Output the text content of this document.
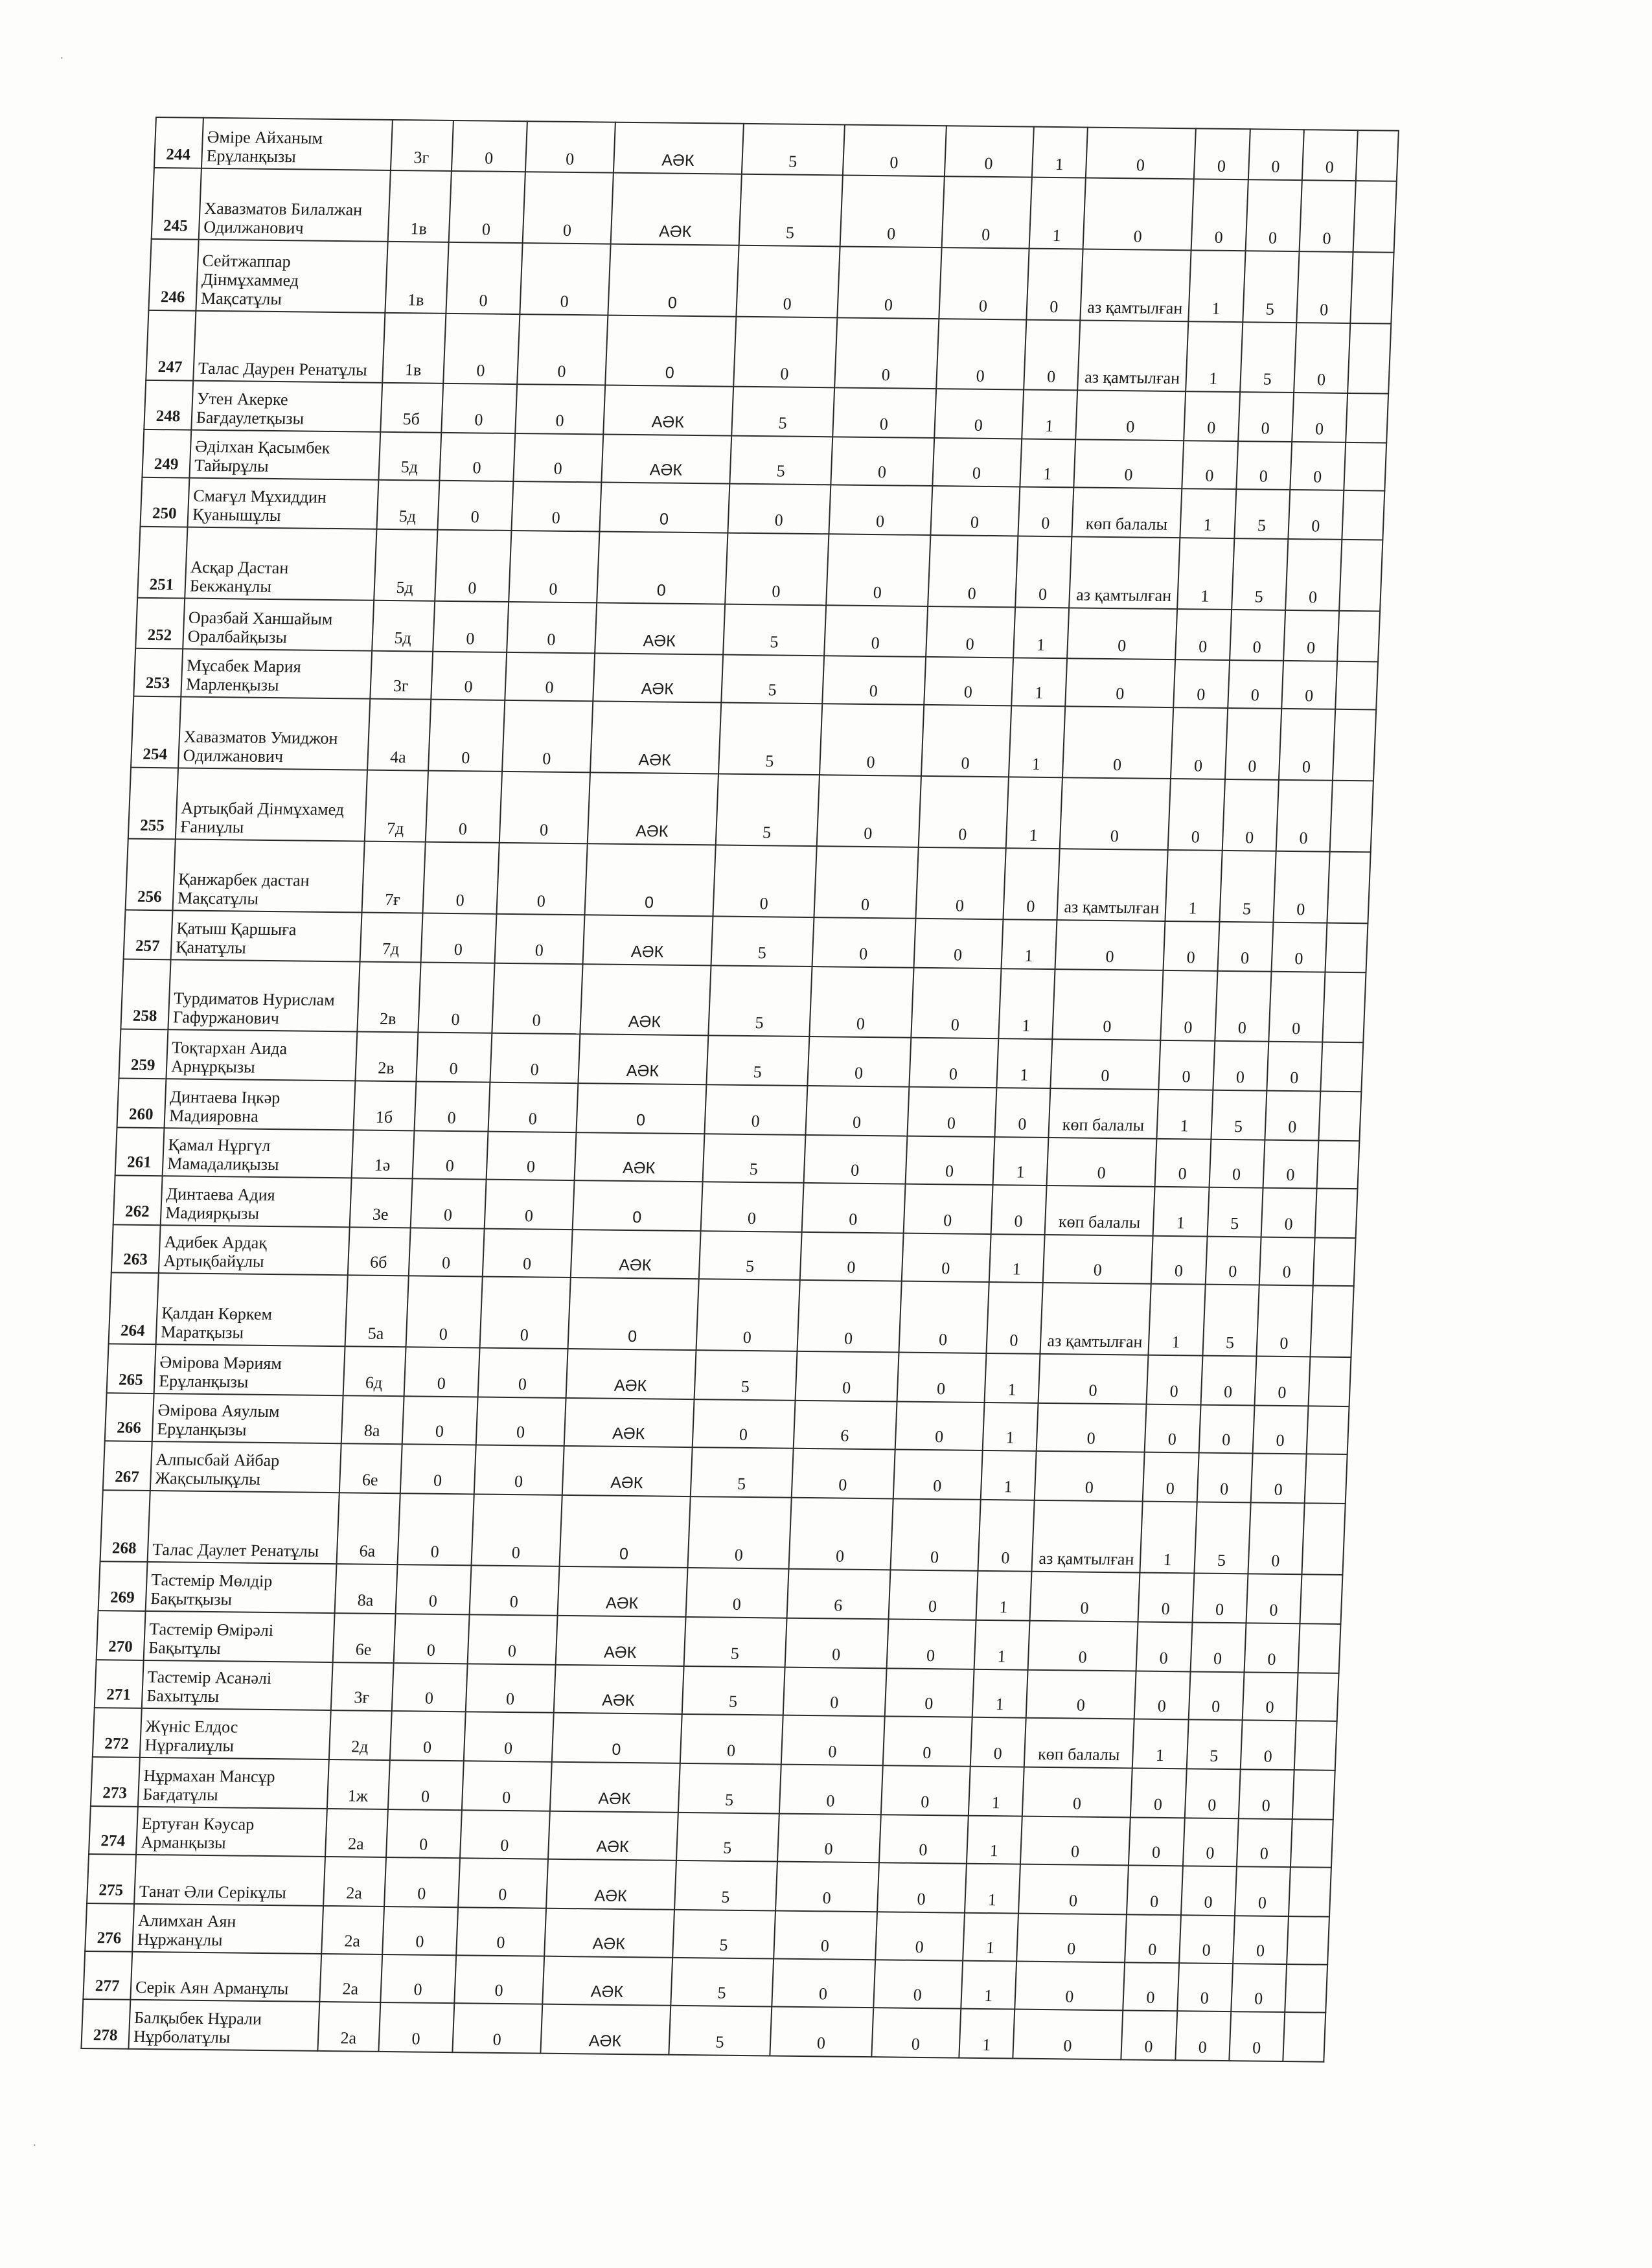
244	Әміре Айханым Ерұланқызы	3г	0	0	АӘК	5	0	0	1	0	0	0	0	
245	Хавазматов Билалжан Одилжанович	1в	0	0	АӘК	5	0	0	1	0	0	0	0	
246	Сейтжаппар Дінмұхаммед Мақсатұлы	1в	0	0	0	0	0	0	0	аз қамтылған	1	5	0	
247	Талас Даурен Ренатұлы	1в	0	0	0	0	0	0	0	аз қамтылған	1	5	0	
248	Утен Акерке Бағдаулетқызы	5б	0	0	АӘК	5	0	0	1	0	0	0	0	
249	Әділхан Қасымбек Тайырұлы	5д	0	0	АӘК	5	0	0	1	0	0	0	0	
250	Смағұл Мұхиддин Қуанышұлы	5д	0	0	0	0	0	0	0	көп балалы	1	5	0	
251	Асқар Дастан Бекжанұлы	5д	0	0	0	0	0	0	0	аз қамтылған	1	5	0	
252	Оразбай Ханшайым Оралбайқызы	5д	0	0	АӘК	5	0	0	1	0	0	0	0	
253	Мұсабек Мария Марленқызы	3г	0	0	АӘК	5	0	0	1	0	0	0	0	
254	Хавазматов Умиджон Одилжанович	4а	0	0	АӘК	5	0	0	1	0	0	0	0	
255	Артықбай Дінмұхамед Ғаниұлы	7д	0	0	АӘК	5	0	0	1	0	0	0	0	
256	Қанжарбек дастан Мақсатұлы	7ғ	0	0	0	0	0	0	0	аз қамтылған	1	5	0	
257	Қатыш Қаршыға Қанатұлы	7д	0	0	АӘК	5	0	0	1	0	0	0	0	
258	Турдиматов Нурислам Гафуржанович	2в	0	0	АӘК	5	0	0	1	0	0	0	0	
259	Тоқтархан Аида Арнұрқызы	2в	0	0	АӘК	5	0	0	1	0	0	0	0	
260	Динтаева Іңкәр Мадияровна	1б	0	0	0	0	0	0	0	көп балалы	1	5	0	
261	Қамал Нұргүл Мамадалиқызы	1ә	0	0	АӘК	5	0	0	1	0	0	0	0	
262	Динтаева Адия Мадиярқызы	3е	0	0	0	0	0	0	0	көп балалы	1	5	0	
263	Адибек Ардақ Артықбайұлы	6б	0	0	АӘК	5	0	0	1	0	0	0	0	
264	Қалдан Көркем Маратқызы	5а	0	0	0	0	0	0	0	аз қамтылған	1	5	0	
265	Әмірова Мәриям Ерұланқызы	6д	0	0	АӘК	5	0	0	1	0	0	0	0	
266	Әмірова Аяулым Ерұланқызы	8а	0	0	АӘК	0	6	0	1	0	0	0	0	
267	Алпысбай Айбар Жақсылықұлы	6е	0	0	АӘК	5	0	0	1	0	0	0	0	
268	Талас Даулет Ренатұлы	6а	0	0	0	0	0	0	0	аз қамтылған	1	5	0	
269	Тастемір Мөлдір Бақытқызы	8а	0	0	АӘК	0	6	0	1	0	0	0	0	
270	Тастемір Өмірәлі Бақытұлы	6е	0	0	АӘК	5	0	0	1	0	0	0	0	
271	Тастемір Асанәлі Бахытұлы	3ғ	0	0	АӘК	5	0	0	1	0	0	0	0	
272	Жүніс Елдос Нұрғалиұлы	2д	0	0	0	0	0	0	0	көп балалы	1	5	0	
273	Нұрмахан Мансұр Бағдатұлы	1ж	0	0	АӘК	5	0	0	1	0	0	0	0	
274	Ертуған Кәусар Арманқызы	2а	0	0	АӘК	5	0	0	1	0	0	0	0	
275	Танат Әли Серікұлы	2а	0	0	АӘК	5	0	0	1	0	0	0	0	
276	Алимхан Аян Нұржанұлы	2а	0	0	АӘК	5	0	0	1	0	0	0	0	
277	Серік Аян Арманұлы	2а	0	0	АӘК	5	0	0	1	0	0	0	0	
278	Балқыбек Нұрали Нұрболатұлы	2а	0	0	АӘК	5	0	0	1	0	0	0	0	
·
·
